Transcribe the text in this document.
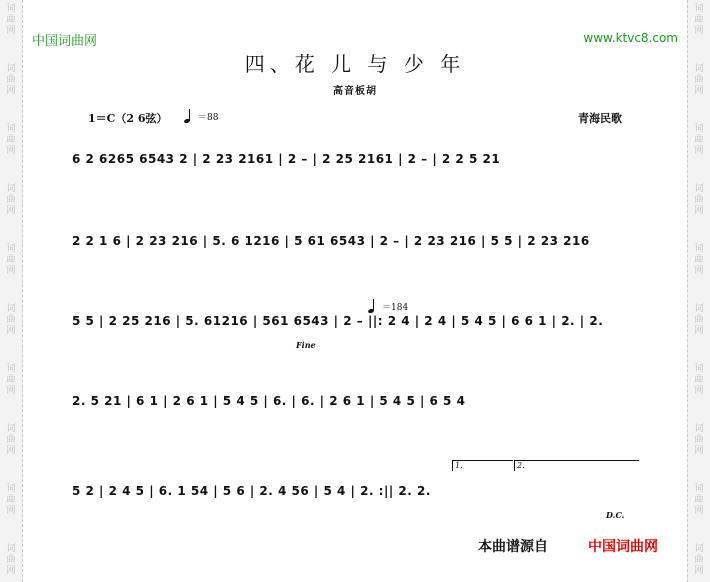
中国词曲网	www.ktvc8.com
四、花 儿 与 少 年
高音板胡
1＝C（2 6弦）	＝88	青海民歌
6 2 6265 6543 2 | 2 23 2161 | 2 – | 2 25 2161 | 2 – | 2 2 5 21
2 2 1 6 | 2 23 216 | 5. 6 1216 | 5 61 6543 | 2 – | 2 23 216 | 5 5 | 2 23 216
5 5 | 2 25 216 | 5. 61216 | 561 6543 | 2 – ||: 2 4 | 2 4 | 5 4 5 | 6 6 1 | 2. | 2.
2. 5 21 | 6 1 | 2 6 1 | 5 4 5 | 6. | 6. | 2 6 1 | 5 4 5 | 6 5 4
5 2 | 2 4 5 | 6. 1 54 | 5 6 | 2. 4 56 | 5 4 | 2. :|| 2. 2.
Fine
＝184
1.	2.
D.C.
本曲谱源自	中国词曲网
词
曲
网
词
曲
网
词
曲
网
词
曲
网
词
曲
网
词
曲
网
词
曲
网
词
曲
网
词
曲
网
词
曲
网
词
曲
网
词
曲
网
词
曲
网
词
曲
网
词
曲
网
词
曲
网
词
曲
网
词
曲
网
词
曲
网
词
曲
网
